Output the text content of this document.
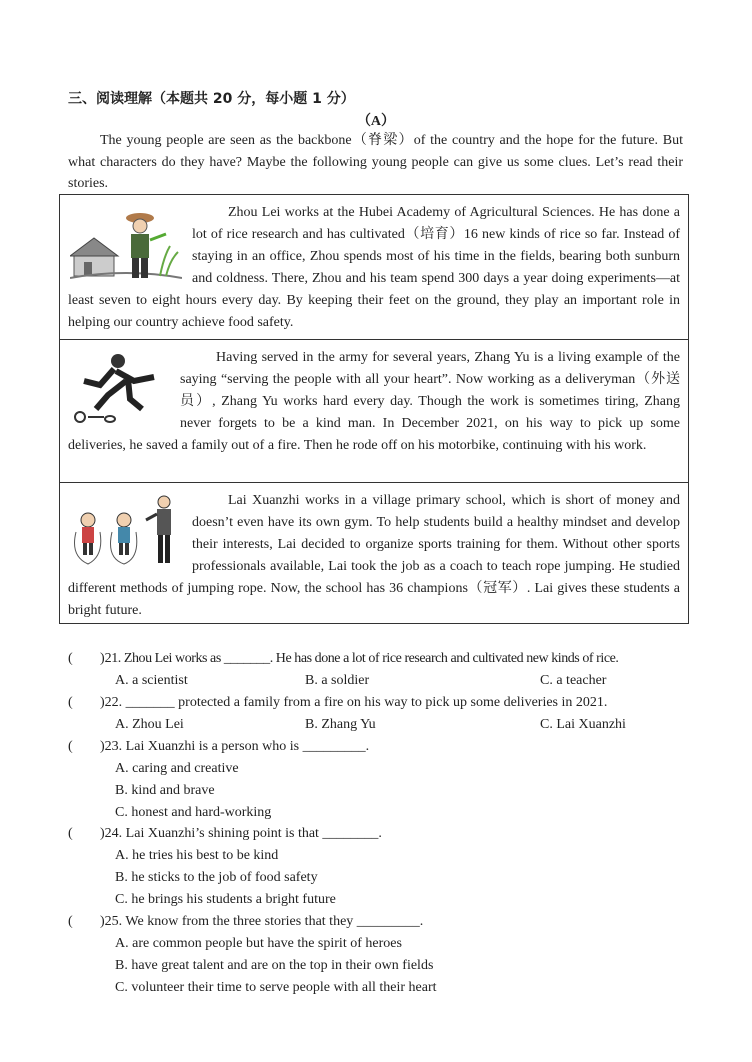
三、阅读理解（本题共 20 分，每小题 1 分）
（A）
The young people are seen as the backbone（脊梁）of the country and the hope for the future. But what characters do they have? Maybe the following young people can give us some clues. Let’s read their stories.

Zhou Lei works at the Hubei Academy of Agricultural Sciences. He has done a lot of rice research and has cultivated（培育）16 new kinds of rice so far. Instead of staying in an office, Zhou spends most of his time in the fields, bearing both sunburn and coldness. There, Zhou and his team spend 300 days a year doing experiments—at least seven to eight hours every day. By keeping their feet on the ground, they play an important role in helping our country achieve food safety.

Having served in the army for several years, Zhang Yu is a living example of the saying “serving the people with all your heart”. Now working as a deliveryman（外送员）, Zhang Yu works hard every day. Though the work is sometimes tiring, Zhang never forgets to be a kind man. In December 2021, on his way to pick up some deliveries, he saved a family out of a fire. Then he rode off on his motorbike, continuing with his work.

Lai Xuanzhi works in a village primary school, which is short of money and doesn’t even have its own gym. To help students build a healthy mindset and develop their interests, Lai decided to organize sports training for them. Without other sports professionals available, Lai took the job as a coach to teach rope jumping. He studied different methods of jumping rope. Now, the school has 36 champions（冠军）. Lai gives these students a bright future.

( )21. Zhou Lei works as _______. He has done a lot of rice research and cultivated new kinds of rice.
A. a scientist	B. a soldier	C. a teacher
( )22. _______ protected a family from a fire on his way to pick up some deliveries in 2021.
A. Zhou Lei	B. Zhang Yu	C. Lai Xuanzhi
( )23. Lai Xuanzhi is a person who is _________.
A. caring and creative
B. kind and brave
C. honest and hard-working
( )24. Lai Xuanzhi’s shining point is that ________.
A. he tries his best to be kind
B. he sticks to the job of food safety
C. he brings his students a bright future
( )25. We know from the three stories that they _________.
A. are common people but have the spirit of heroes
B. have great talent and are on the top in their own fields
C. volunteer their time to serve people with all their heart
